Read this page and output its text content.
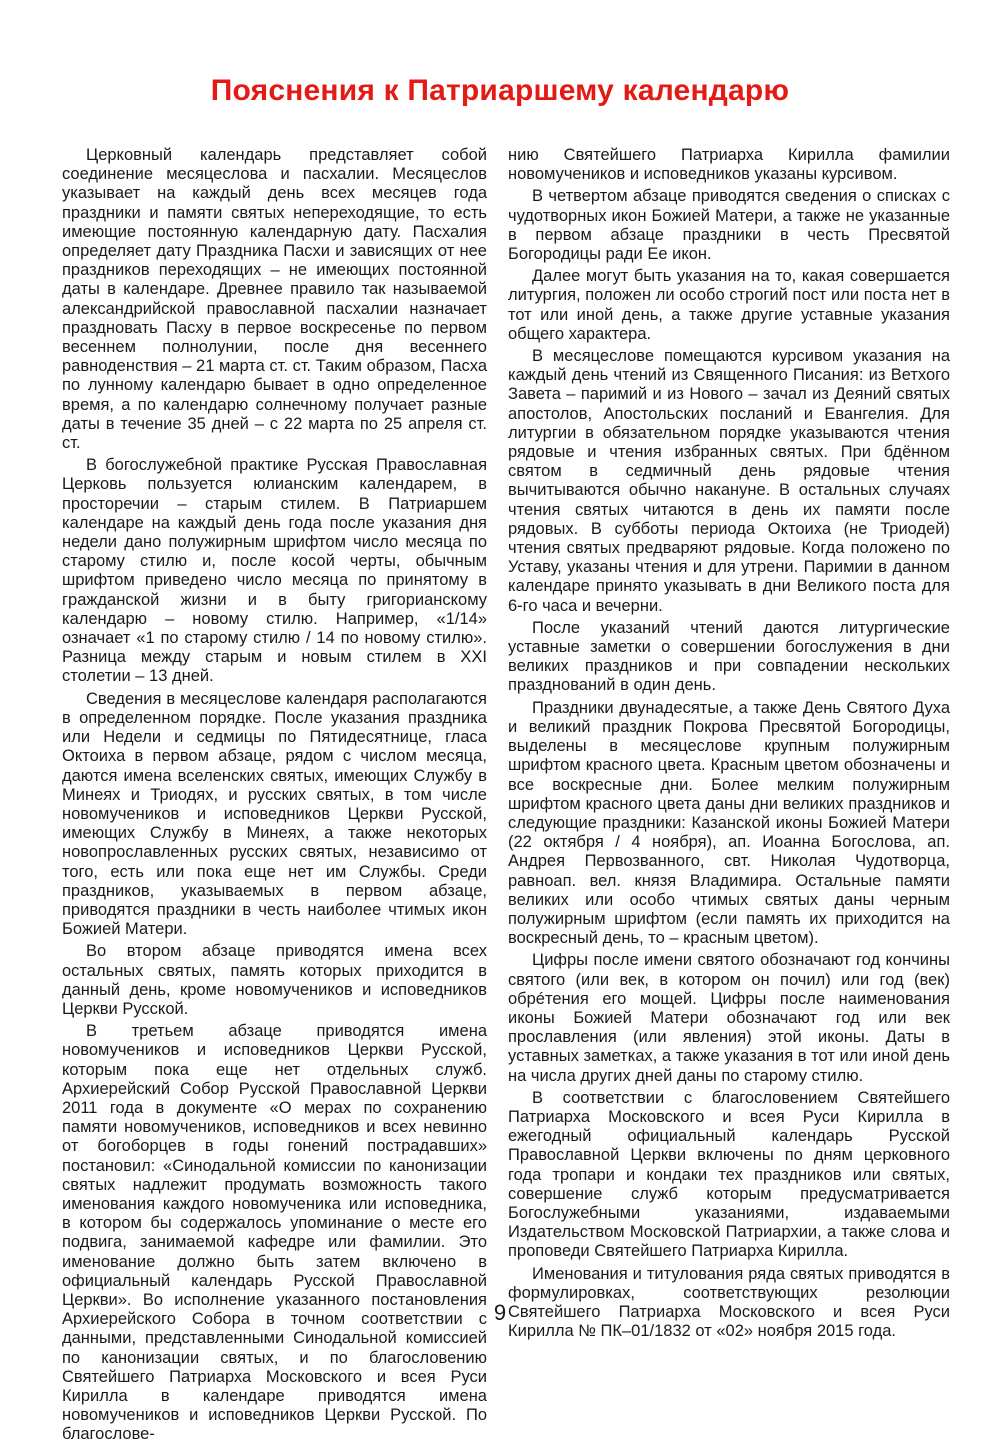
Пояснения к Патриаршему календарю

Церковный календарь представляет собой соединение месяцеслова и пасхалии. Месяцеслов указывает на каждый день всех месяцев года праздники и памяти святых непереходящие, то есть имеющие постоянную календарную дату. Пасхалия определяет дату Праздника Пасхи и зависящих от нее праздников переходящих – не имеющих постоянной даты в календаре. Древнее правило так называемой александрийской православной пасхалии назначает праздновать Пасху в первое воскресенье по первом весеннем полнолунии, после дня весеннего равноденствия – 21 марта ст. ст. Таким образом, Пасха по лунному календарю бывает в одно определенное время, а по календарю солнечному получает разные даты в течение 35 дней – с 22 марта по 25 апреля ст. ст.

В богослужебной практике Русская Православная Церковь пользуется юлианским календарем, в просторечии – старым стилем. В Патриаршем календаре на каждый день года после указания дня недели дано полужирным шрифтом число месяца по старому стилю и, после косой черты, обычным шрифтом приведено число месяца по принятому в гражданской жизни и в быту григорианскому календарю – новому стилю. Например, «1/14» означает «1 по старому стилю / 14 по новому стилю». Разница между старым и новым стилем в XXI столетии – 13 дней.

Сведения в месяцеслове календаря располагаются в определенном порядке. После указания праздника или Недели и седмицы по Пятидесятнице, гласа Октоиха в первом абзаце, рядом с числом месяца, даются имена вселенских святых, имеющих Службу в Минеях и Триодях, и русских святых, в том числе новомучеников и исповедников Церкви Русской, имеющих Службу в Минеях, а также некоторых новопрославленных русских святых, независимо от того, есть или пока еще нет им Службы. Среди праздников, указываемых в первом абзаце, приводятся праздники в честь наиболее чтимых икон Божией Матери.

Во втором абзаце приводятся имена всех остальных святых, память которых приходится в данный день, кроме новомучеников и исповедников Церкви Русской.

В третьем абзаце приводятся имена новомучеников и исповедников Церкви Русской, которым пока еще нет отдельных служб. Архиерейский Собор Русской Православной Церкви 2011 года в документе «О мерах по сохранению памяти новомучеников, исповедников и всех невинно от богоборцев в годы гонений пострадавших» постановил: «Синодальной комиссии по канонизации святых надлежит продумать возможность такого именования каждого новомученика или исповедника, в котором бы содержалось упоминание о месте его подвига, занимаемой кафедре или фамилии. Это именование должно быть затем включено в официальный календарь Русской Православной Церкви». Во исполнение указанного постановления Архиерейского Собора в точном соответствии с данными, представленными Синодальной комиссией по канонизации святых, и по благословению Святейшего Патриарха Московского и всея Руси Кирилла в календаре приводятся имена новомучеников и исповедников Церкви Русской. По благослове-

нию Святейшего Патриарха Кирилла фамилии новомучеников и исповедников указаны курсивом.

В четвертом абзаце приводятся сведения о списках с чудотворных икон Божией Матери, а также не указанные в первом абзаце праздники в честь Пресвятой Богородицы ради Ее икон.

Далее могут быть указания на то, какая совершается литургия, положен ли особо строгий пост или поста нет в тот или иной день, а также другие уставные указания общего характера.

В месяцеслове помещаются курсивом указания на каждый день чтений из Священного Писания: из Ветхого Завета – паримий и из Нового – зачал из Деяний святых апостолов, Апостольских посланий и Евангелия. Для литургии в обязательном порядке указываются чтения рядовые и чтения избранных святых. При бдённом святом в седмичный день рядовые чтения вычитываются обычно накануне. В остальных случаях чтения святых читаются в день их памяти после рядовых. В субботы периода Октоиха (не Триодей) чтения святых предваряют рядовые. Когда положено по Уставу, указаны чтения и для утрени. Паримии в данном календаре принято указывать в дни Великого поста для 6-го часа и вечерни.

После указаний чтений даются литургические уставные заметки о совершении богослужения в дни великих праздников и при совпадении нескольких празднований в один день.

Праздники двунадесятые, а также День Святого Духа и великий праздник Покрова Пресвятой Богородицы, выделены в месяцеслове крупным полужирным шрифтом красного цвета. Красным цветом обозначены и все воскресные дни. Более мелким полужирным шрифтом красного цвета даны дни великих праздников и следующие праздники: Казанской иконы Божией Матери (22 октября / 4 ноября), ап. Иоанна Богослова, ап. Андрея Первозванного, свт. Николая Чудотворца, равноап. вел. князя Владимира. Остальные памяти великих или особо чтимых святых даны черным полужирным шрифтом (если память их приходится на воскресный день, то – красным цветом).

Цифры после имени святого обозначают год кончины святого (или век, в котором он почил) или год (век) обрéтения его мощей. Цифры после наименования иконы Божией Матери обозначают год или век прославления (или явления) этой иконы. Даты в уставных заметках, а также указания в тот или иной день на числа других дней даны по старому стилю.

В соответствии с благословением Святейшего Патриарха Московского и всея Руси Кирилла в ежегодный официальный календарь Русской Православной Церкви включены по дням церковного года тропари и кондаки тех праздников или святых, совершение служб которым предусматривается Богослужебными указаниями, издаваемыми Издательством Московской Патриархии, а также слова и проповеди Святейшего Патриарха Кирилла.

Именования и титулования ряда святых приводятся в формулировках, соответствующих резолюции Святейшего Патриарха Московского и всея Руси Кирилла № ПК–01/1832 от «02» ноября 2015 года.

9
